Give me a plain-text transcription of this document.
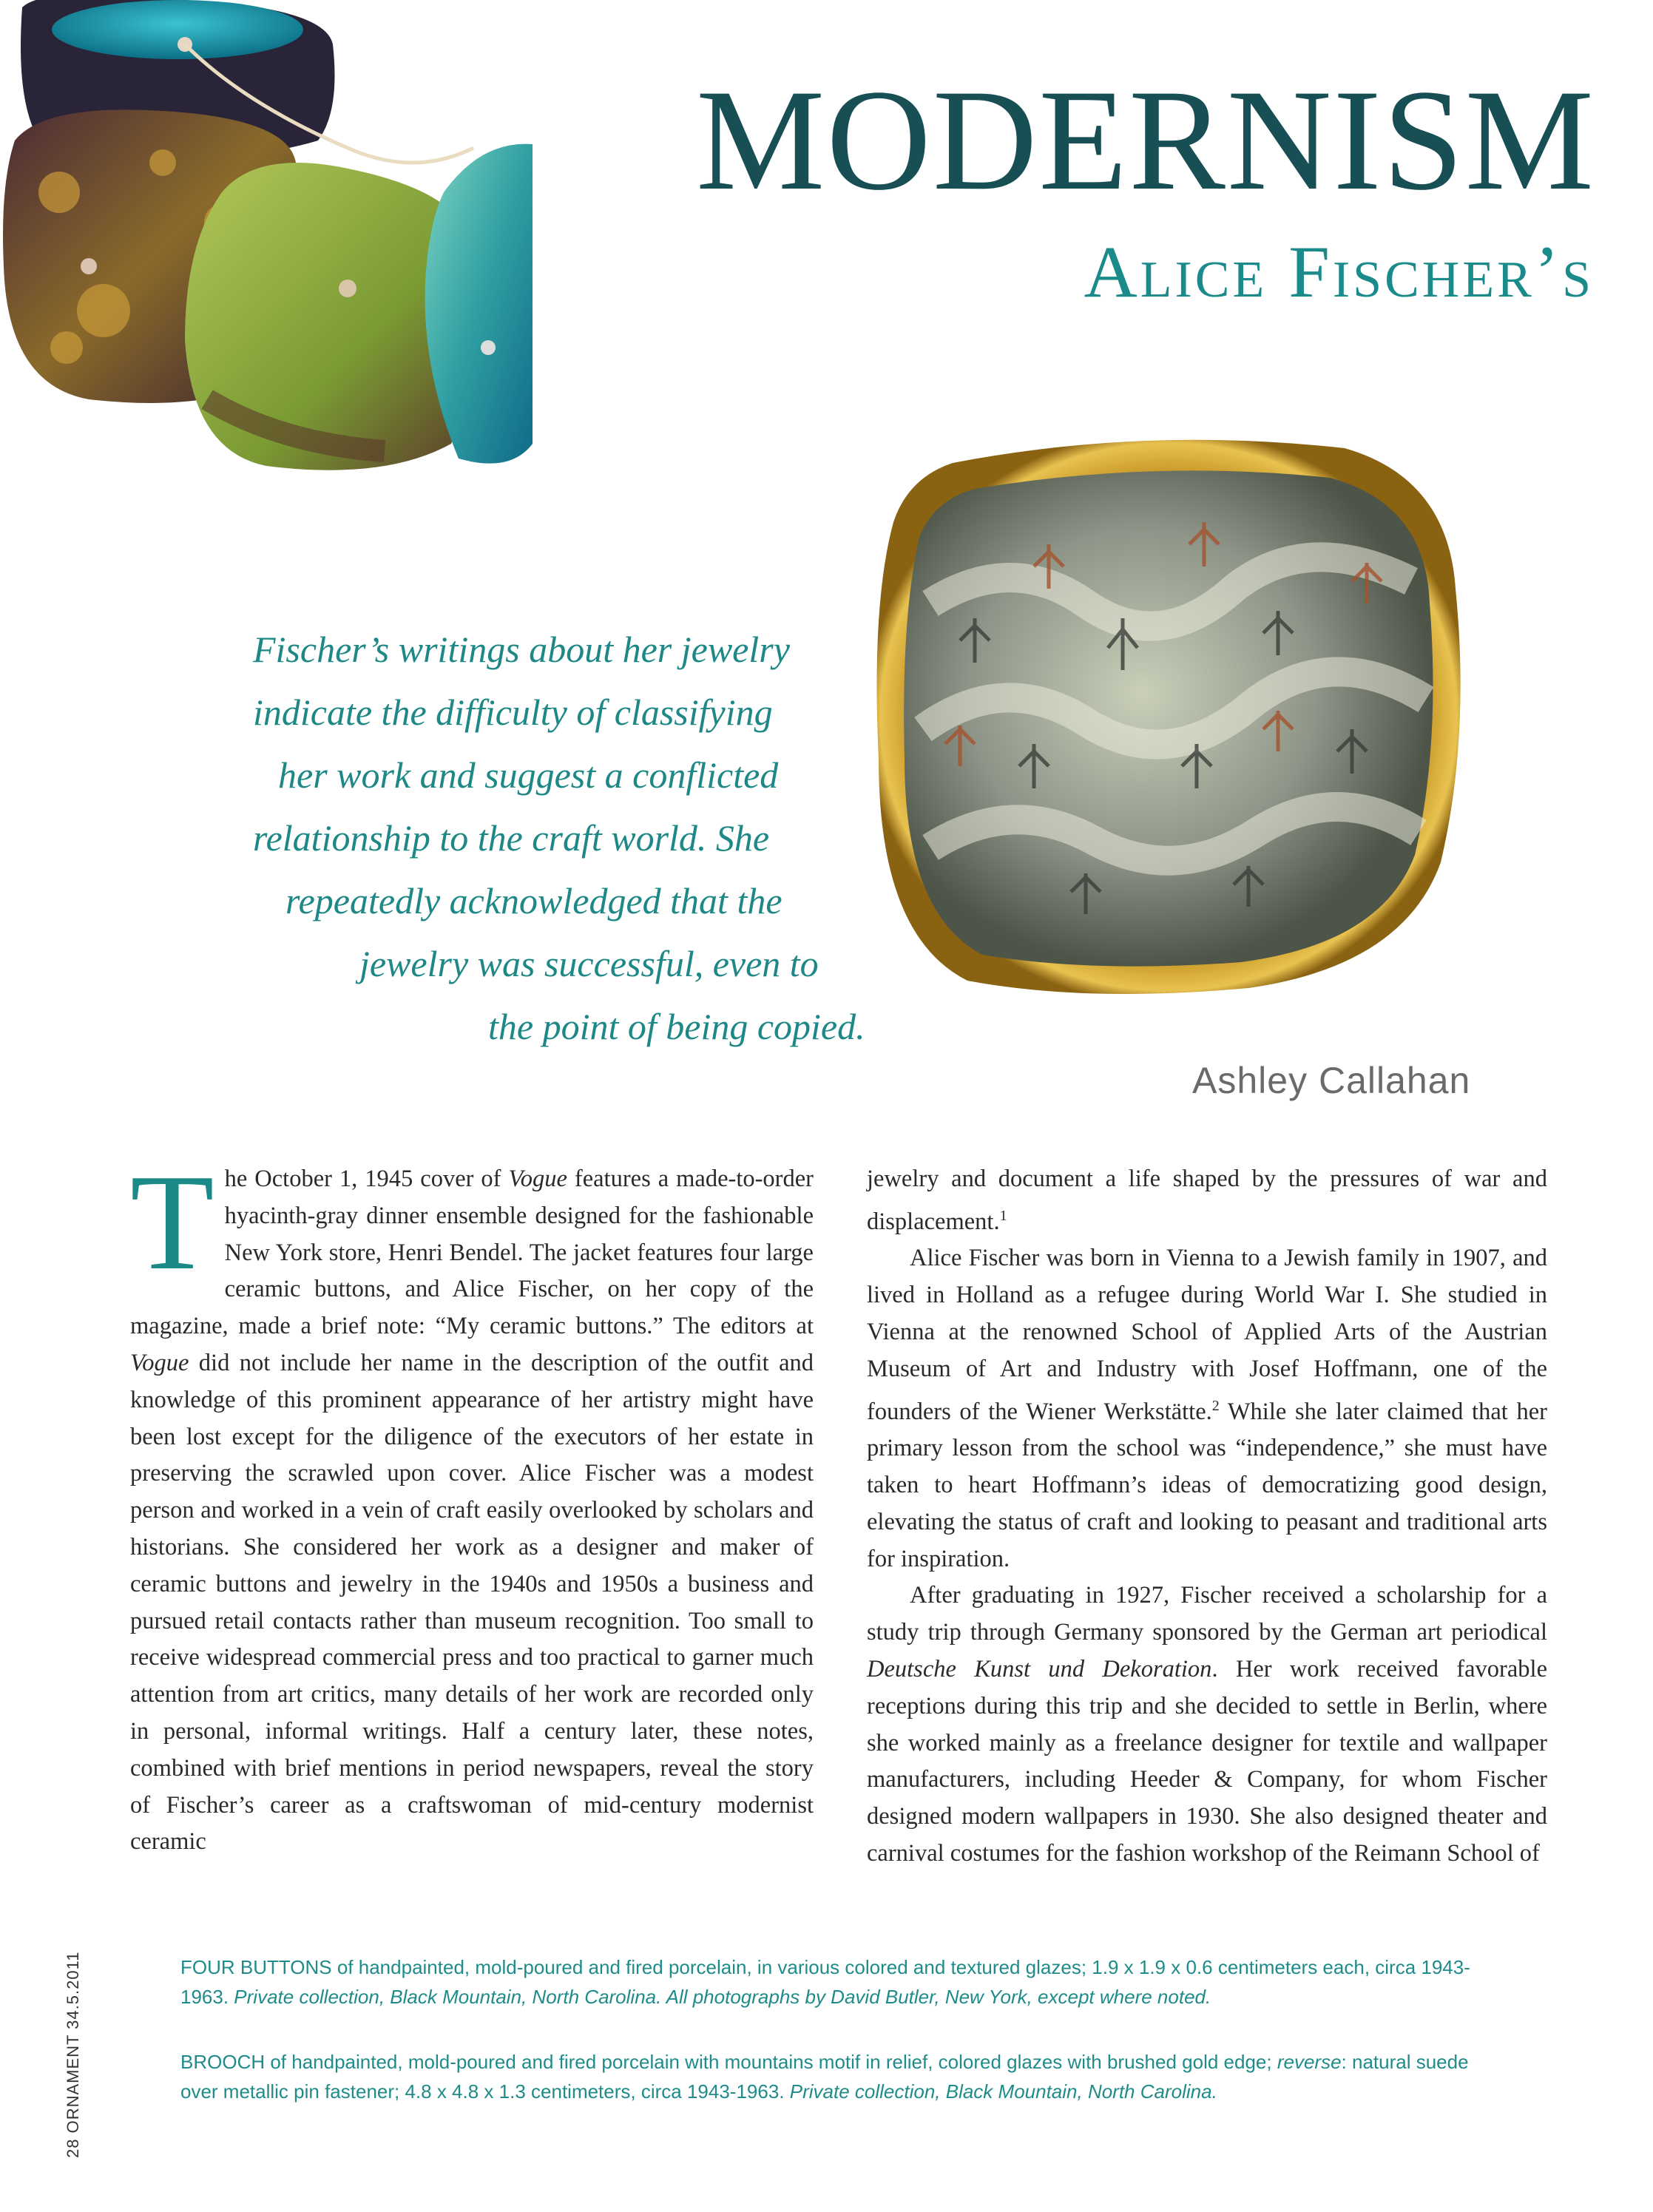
MODERNISM
Alice Fischer’s
Fischer’s writings about her jewelry
indicate the difficulty of classifying
her work and suggest a conflicted
relationship to the craft world. She
repeatedly acknowledged that the
jewelry was successful, even to
the point of being copied.
Ashley Callahan

The October 1, 1945 cover of Vogue features a made-to-order hyacinth-gray dinner ensemble designed for the fashionable New York store, Henri Bendel. The jacket features four large ceramic buttons, and Alice Fischer, on her copy of the magazine, made a brief note: “My ceramic buttons.” The editors at Vogue did not include her name in the description of the outfit and knowledge of this prominent appearance of her artistry might have been lost except for the diligence of the executors of her estate in preserving the scrawled upon cover. Alice Fischer was a modest person and worked in a vein of craft easily overlooked by scholars and historians. She considered her work as a designer and maker of ceramic buttons and jewelry in the 1940s and 1950s a business and pursued retail contacts rather than museum recognition. Too small to receive widespread commercial press and too practical to garner much attention from art critics, many details of her work are recorded only in personal, informal writings. Half a century later, these notes, combined with brief mentions in period newspapers, reveal the story of Fischer’s career as a craftswoman of mid-century modernist ceramic

jewelry and document a life shaped by the pressures of war and displacement.$^1$

Alice Fischer was born in Vienna to a Jewish family in 1907, and lived in Holland as a refugee during World War I. She studied in Vienna at the renowned School of Applied Arts of the Austrian Museum of Art and Industry with Josef Hoffmann, one of the founders of the Wiener Werkstätte.$^2$ While she later claimed that her primary lesson from the school was “independence,” she must have taken to heart Hoffmann’s ideas of democratizing good design, elevating the status of craft and looking to peasant and traditional arts for inspiration.

After graduating in 1927, Fischer received a scholarship for a study trip through Germany sponsored by the German art periodical Deutsche Kunst und Dekoration. Her work received favorable receptions during this trip and she decided to settle in Berlin, where she worked mainly as a freelance designer for textile and wallpaper manufacturers, including Heeder & Company, for whom Fischer designed modern wallpapers in 1930. She also designed theater and carnival costumes for the fashion workshop of the Reimann School of

28 ORNAMENT 34.5.2011	FOUR BUTTONS of handpainted, mold-poured and fired porcelain, in various colored and textured glazes; 1.9 x 1.9 x 0.6 centimeters each, circa 1943-1963. Private collection, Black Mountain, North Carolina. All photographs by David Butler, New York, except where noted.
BROOCH of handpainted, mold-poured and fired porcelain with mountains motif in relief, colored glazes with brushed gold edge; reverse: natural suede over metallic pin fastener; 4.8 x 4.8 x 1.3 centimeters, circa 1943-1963. Private collection, Black Mountain, North Carolina.
